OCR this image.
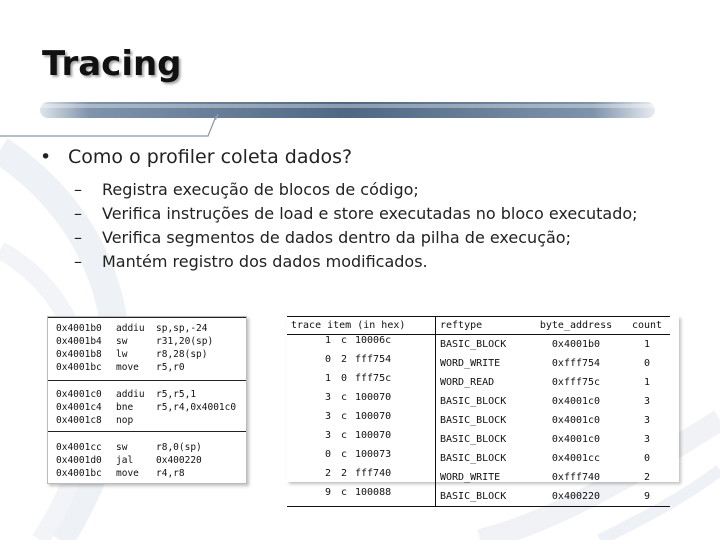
Tracing
• Como o profiler coleta dados?
– Registra execução de blocos de código;
– Verifica instruções de load e store executadas no bloco executado;
– Verifica segmentos de dados dentro da pilha de execução;
– Mantém registro dos dados modificados.
0x4001b0 addiu sp,sp,-24
0x4001b4 sw	r31,20(sp)
0x4001b8 lw	r8,28(sp)
0x4001bc move r5,r0
0x4001c0 addiu r5,r5,1
0x4001c4 bne r5,r4,0x4001c0
0x4001c8 nop
0x4001cc sw	r8,0(sp)
0x4001d0 jal 0x400220
0x4001bc move r4,r8
trace item (in hex)	reftype	byte_address	count

1 c 10006c	BASIC_BLOCK	0x4001b0	1

0 2 fff754	WORD_WRITE	0xfff754	0

1 0 fff75c	WORD_READ	0xfff75c	1

3 c 100070	BASIC_BLOCK	0x4001c0	3

3 c 100070	BASIC_BLOCK	0x4001c0	3

3 c 100070	BASIC_BLOCK	0x4001c0	3

0 c 100073	BASIC_BLOCK	0x4001cc	0

2 2 fff740	WORD_WRITE	0xfff740	2

9 c 100088	BASIC_BLOCK	0x400220	9
